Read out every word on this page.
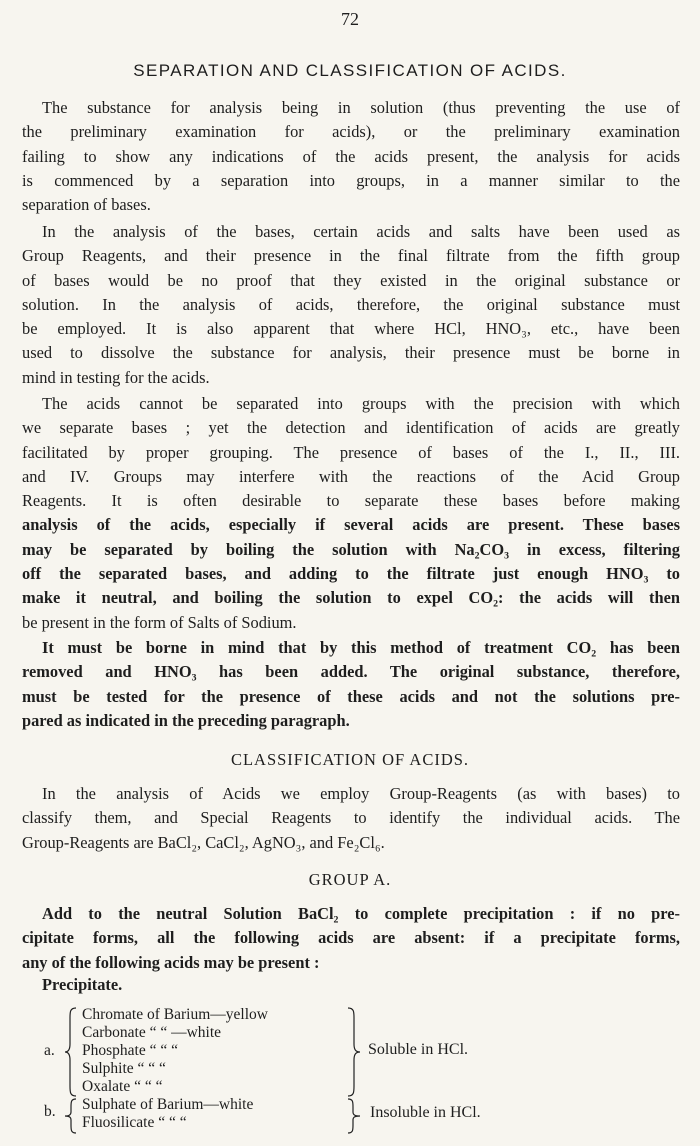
72
SEPARATION AND CLASSIFICATION OF ACIDS.
The substance for analysis being in solution (thus preventing the use of
the preliminary examination for acids), or the preliminary examination
failing to show any indications of the acids present, the analysis for acids
is commenced by a separation into groups, in a manner similar to the
separation of bases.
In the analysis of the bases, certain acids and salts have been used as
Group Reagents, and their presence in the final filtrate from the fifth group
of bases would be no proof that they existed in the original substance or
solution. In the analysis of acids, therefore, the original substance must
be employed. It is also apparent that where HCl, HNO₃, etc., have been
used to dissolve the substance for analysis, their presence must be borne in
mind in testing for the acids.
The acids cannot be separated into groups with the precision with which
we separate bases ; yet the detection and identification of acids are greatly
facilitated by proper grouping. The presence of bases of the I., II., III.
and IV. Groups may interfere with the reactions of the Acid Group
Reagents. It is often desirable to separate these bases before making
analysis of the acids, especially if several acids are present. These bases
may be separated by boiling the solution with Na₂CO₃ in excess, filtering
off the separated bases, and adding to the filtrate just enough HNO₃ to
make it neutral, and boiling the solution to expel CO₂: the acids will then
be present in the form of Salts of Sodium.
It must be borne in mind that by this method of treatment CO₂ has been
removed and HNO₃ has been added. The original substance, therefore,
must be tested for the presence of these acids and not the solutions pre-
pared as indicated in the preceding paragraph.
CLASSIFICATION OF ACIDS.
In the analysis of Acids we employ Group-Reagents (as with bases) to
classify them, and Special Reagents to identify the individual acids. The
Group-Reagents are BaCl₂, CaCl₂, AgNO₃, and Fe₂Cl₆.
GROUP A.
Add to the neutral Solution BaCl₂ to complete precipitation : if no pre-
cipitate forms, all the following acids are absent: if a precipitate forms,
any of the following acids may be present :
Precipitate.
a.
Chromate of Barium—yellow
Carbonate “ “ —white
Phosphate “ “ “
Sulphite “ “ “
Oxalate “ “ “
Soluble in HCl.
b. Sulphate of Barium—white
Fluosilicate “ “ “
Insoluble in HCl.
